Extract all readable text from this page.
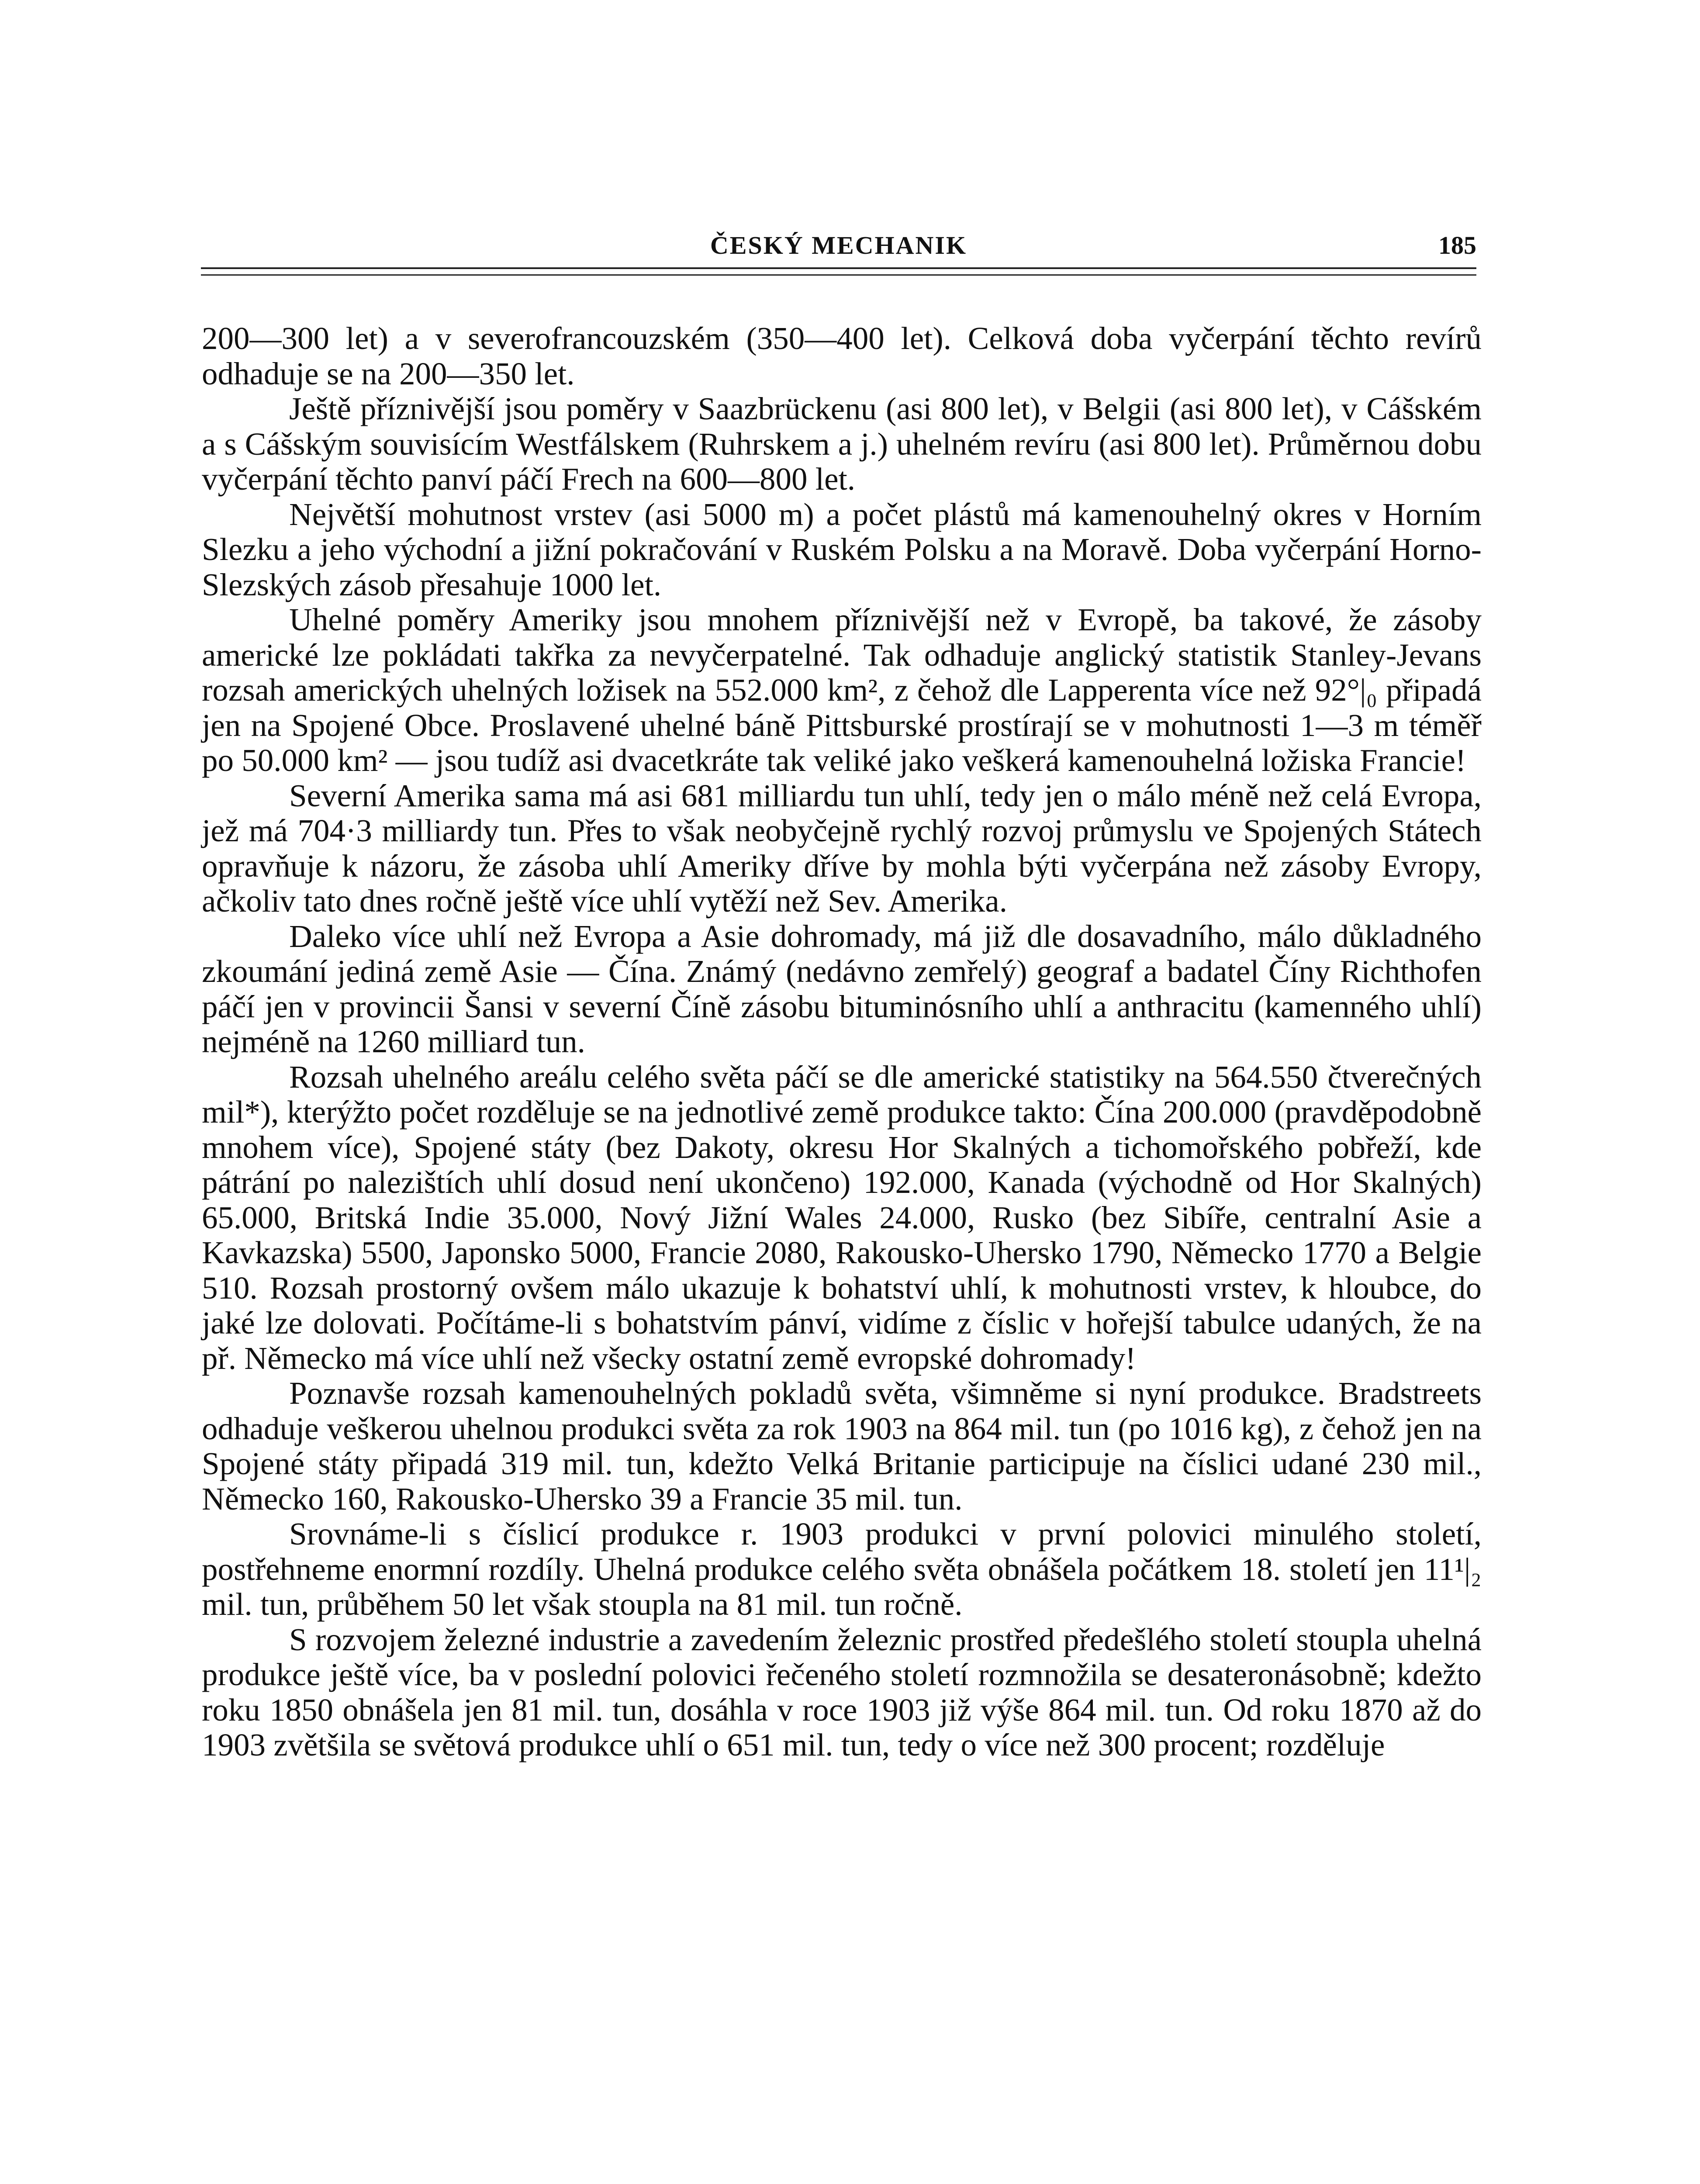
ČESKÝ MECHANIK	185

200—300 let) a v severofrancouzském (350—400 let). Celková doba vyčerpání těchto revírů odhaduje se na 200—350 let.

Ještě příznivější jsou poměry v Saazbrückenu (asi 800 let), v Belgii (asi 800 let), v Cášském a s Cášským souvisícím Westfálskem (Ruhrskem a j.) uhelném revíru (asi 800 let). Průměrnou dobu vyčerpání těchto panví páčí Frech na 600—800 let.

Největší mohutnost vrstev (asi 5000 m) a počet plástů má kamenouhelný okres v Horním Slezku a jeho východní a jižní pokračování v Ruském Polsku a na Moravě. Doba vyčerpání Horno-Slezských zásob přesahuje 1000 let.

Uhelné poměry Ameriky jsou mnohem příznivější než v Evropě, ba takové, že zásoby americké lze pokládati takřka za nevyčerpatelné. Tak odhaduje anglický statistik Stanley-Jevans rozsah amerických uhelných ložisek na 552.000 km², z čehož dle Lapperenta více než 92°|₀ připadá jen na Spojené Obce. Proslavené uhelné báně Pittsburské prostírají se v mohutnosti 1—3 m téměř po 50.000 km² — jsou tudíž asi dvacetkráte tak veliké jako veškerá kamenouhelná ložiska Francie!

Severní Amerika sama má asi 681 milliardu tun uhlí, tedy jen o málo méně než celá Evropa, jež má 704·3 milliardy tun. Přes to však neobyčejně rychlý rozvoj průmyslu ve Spojených Státech opravňuje k názoru, že zásoba uhlí Ameriky dříve by mohla býti vyčerpána než zásoby Evropy, ačkoliv tato dnes ročně ještě více uhlí vytěží než Sev. Amerika.

Daleko více uhlí než Evropa a Asie dohromady, má již dle dosavadního, málo důkladného zkoumání jediná země Asie — Čína. Známý (nedávno zemřelý) geograf a badatel Číny Richthofen páčí jen v provincii Šansi v severní Číně zásobu bituminósního uhlí a anthracitu (kamenného uhlí) nejméně na 1260 milliard tun.

Rozsah uhelného areálu celého světa páčí se dle americké statistiky na 564.550 čtverečných mil*), kterýžto počet rozděluje se na jednotlivé země produkce takto: Čína 200.000 (pravděpodobně mnohem více), Spojené státy (bez Dakoty, okresu Hor Skalných a tichomořského pobřeží, kde pátrání po nalezištích uhlí dosud není ukončeno) 192.000, Kanada (východně od Hor Skalných) 65.000, Britská Indie 35.000, Nový Jižní Wales 24.000, Rusko (bez Sibíře, centralní Asie a Kavkazska) 5500, Japonsko 5000, Francie 2080, Rakousko-Uhersko 1790, Německo 1770 a Belgie 510. Rozsah prostorný ovšem málo ukazuje k bohatství uhlí, k mohutnosti vrstev, k hloubce, do jaké lze dolovati. Počítáme-li s bohatstvím pánví, vidíme z číslic v hořejší tabulce udaných, že na př. Německo má více uhlí než všecky ostatní země evropské dohromady!

Poznavše rozsah kamenouhelných pokladů světa, všimněme si nyní produkce. Bradstreets odhaduje veškerou uhelnou produkci světa za rok 1903 na 864 mil. tun (po 1016 kg), z čehož jen na Spojené státy připadá 319 mil. tun, kdežto Velká Britanie participuje na číslici udané 230 mil., Německo 160, Rakousko-Uhersko 39 a Francie 35 mil. tun.

Srovnáme-li s číslicí produkce r. 1903 produkci v první polovici minulého století, postřehneme enormní rozdíly. Uhelná produkce celého světa obnášela počátkem 18. století jen 11¹|₂ mil. tun, průběhem 50 let však stoupla na 81 mil. tun ročně.

S rozvojem železné industrie a zavedením železnic prostřed předešlého století stoupla uhelná produkce ještě více, ba v poslední polovici řečeného století rozmnožila se desateronásobně; kdežto roku 1850 obnášela jen 81 mil. tun, dosáhla v roce 1903 již výše 864 mil. tun. Od roku 1870 až do 1903 zvětšila se světová produkce uhlí o 651 mil. tun, tedy o více než 300 procent; rozděluje
